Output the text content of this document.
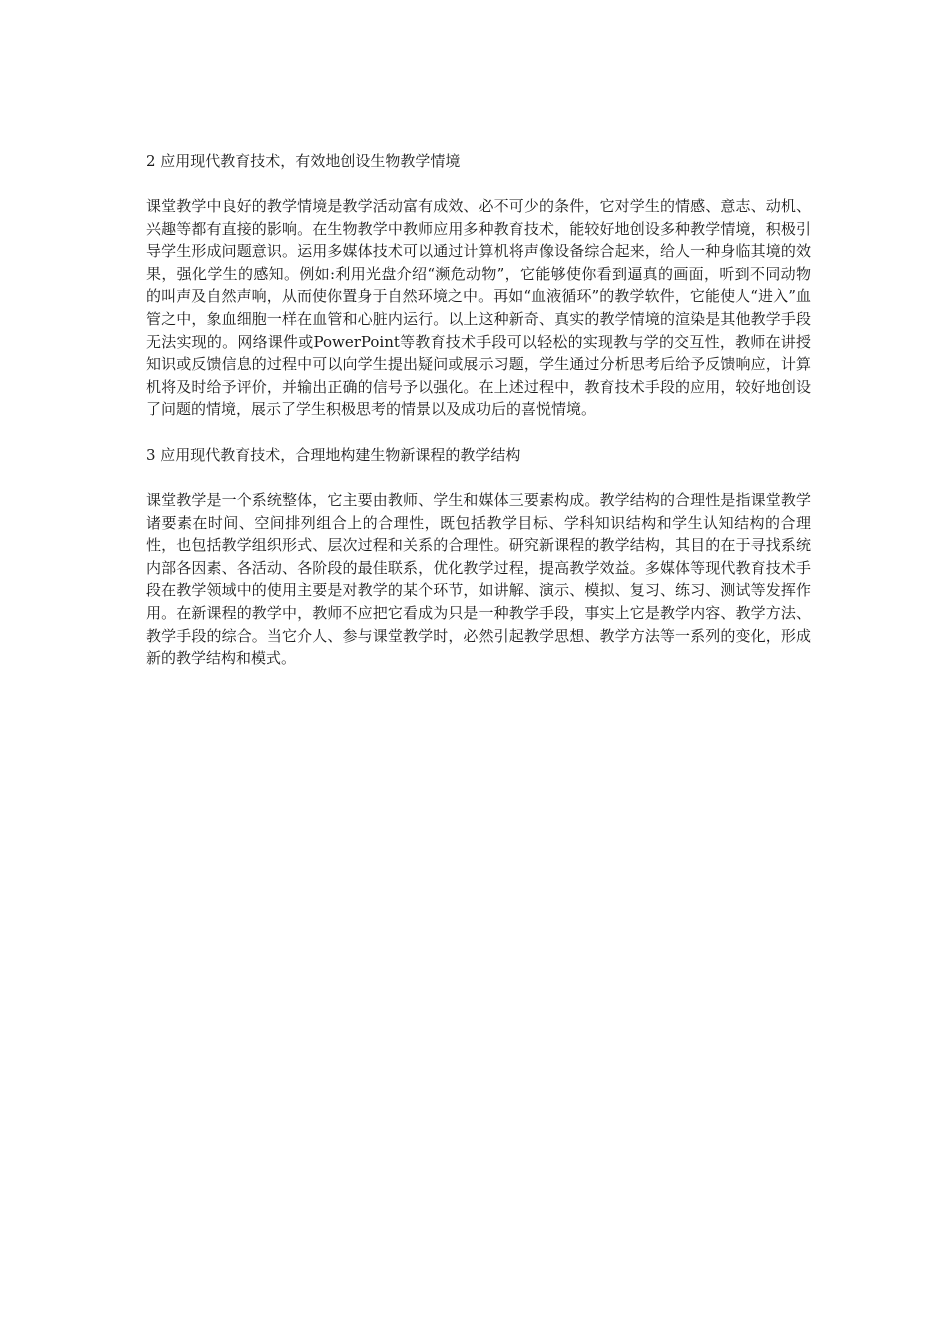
2 应用现代教育技术，有效地创设生物教学情境

课堂教学中良好的教学情境是教学活动富有成效、必不可少的条件，它对学生的情感、意志、动机、兴趣等都有直接的影响。在生物教学中教师应用多种教育技术，能较好地创设多种教学情境，积极引导学生形成问题意识。运用多媒体技术可以通过计算机将声像设备综合起来，给人一种身临其境的效果，强化学生的感知。例如:利用光盘介绍“濒危动物”，它能够使你看到逼真的画面，听到不同动物的叫声及自然声响，从而使你置身于自然环境之中。再如“血液循环”的教学软件，它能使人“进入”血管之中，象血细胞一样在血管和心脏内运行。以上这种新奇、真实的教学情境的渲染是其他教学手段无法实现的。网络课件或PowerPoint等教育技术手段可以轻松的实现教与学的交互性，教师在讲授知识或反馈信息的过程中可以向学生提出疑问或展示习题，学生通过分析思考后给予反馈响应，计算机将及时给予评价，并输出正确的信号予以强化。在上述过程中，教育技术手段的应用，较好地创设了问题的情境，展示了学生积极思考的情景以及成功后的喜悦情境。

3 应用现代教育技术，合理地构建生物新课程的教学结构

课堂教学是一个系统整体，它主要由教师、学生和媒体三要素构成。教学结构的合理性是指课堂教学诸要素在时间、空间排列组合上的合理性，既包括教学目标、学科知识结构和学生认知结构的合理性，也包括教学组织形式、层次过程和关系的合理性。研究新课程的教学结构，其目的在于寻找系统内部各因素、各活动、各阶段的最佳联系，优化教学过程，提高教学效益。多媒体等现代教育技术手段在教学领域中的使用主要是对教学的某个环节，如讲解、演示、模拟、复习、练习、测试等发挥作用。在新课程的教学中，教师不应把它看成为只是一种教学手段，事实上它是教学内容、教学方法、教学手段的综合。当它介人、参与课堂教学时，必然引起教学思想、教学方法等一系列的变化，形成新的教学结构和模式。
